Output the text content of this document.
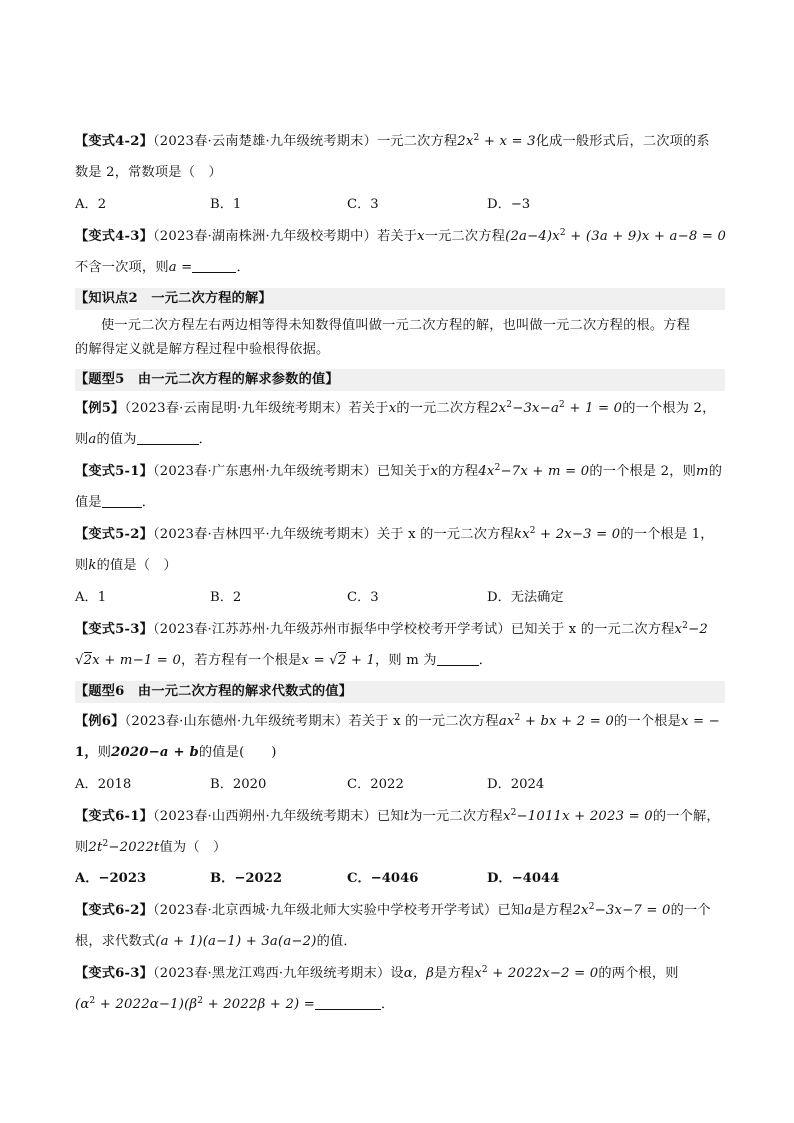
【变式4-2】（2023春·云南楚雄·九年级统考期末）一元二次方程$2x^2 + x = 3$化成一般形式后，二次项的系
数是 2，常数项是（　）
A．2	B．1	C．3	D．−3
【变式4-3】（2023春·湖南株洲·九年级校考期中）若关于x一元二次方程$(2a-4)x^2 + (3a + 9)x + a-8 = 0$
不含一次项，则a =	．
【知识点2　一元二次方程的解】
使一元二次方程左右两边相等得未知数得值叫做一元二次方程的解，也叫做一元二次方程的根。方程
的解得定义就是解方程过程中验根得依据。
【题型5　由一元二次方程的解求参数的值】
【例5】（2023春·云南昆明·九年级统考期末）若关于x的一元二次方程$2x^2-3x-a^2 + 1 = 0$的一个根为 2，
则a的值为	．
【变式5-1】（2023春·广东惠州·九年级统考期末）已知关于x的方程$4x^2-7x + m = 0$的一个根是 2，则m的
值是	．
【变式5-2】（2023春·吉林四平·九年级统考期末）关于 x 的一元二次方程$kx^2 + 2x-3 = 0$的一个根是 1，
则k的值是（　）
A．1	B．2	C．3	D．无法确定
【变式5-3】（2023春·江苏苏州·九年级苏州市振华中学校校考开学考试）已知关于 x 的一元二次方程$x^2-2$
√2x + m−1 = 0，若方程有一个根是x = √2 + 1，则 m 为	．
【题型6　由一元二次方程的解求代数式的值】
【例6】（2023春·山东德州·九年级统考期末）若关于 x 的一元二次方程$ax^2$ + bx + 2 = 0的一个根是x = −
1，则2020−a + b的值是(　　)
A．2018	B．2020	C．2022	D．2024
【变式6-1】（2023春·山西朔州·九年级统考期末）已知t为一元二次方程$x^2-1011x + 2023 = 0$的一个解，
则$2t^2-2022t$值为（　）
A．−2023	B．−2022	C．−4046	D．−4044
【变式6-2】（2023春·北京西城·九年级北师大实验中学校考开学考试）已知a是方程$2x^2-3x-7 = 0$的一个
根，求代数式(a + 1)(a−1) + 3a(a−2)的值．
【变式6-3】（2023春·黑龙江鸡西·九年级统考期末）设α，β是方程$x^2 + 2022x-2 = 0$的两个根，则
$(\alpha^2 + 2022\alpha-1)(\beta^2 + 2022\beta + 2)$ =	．
